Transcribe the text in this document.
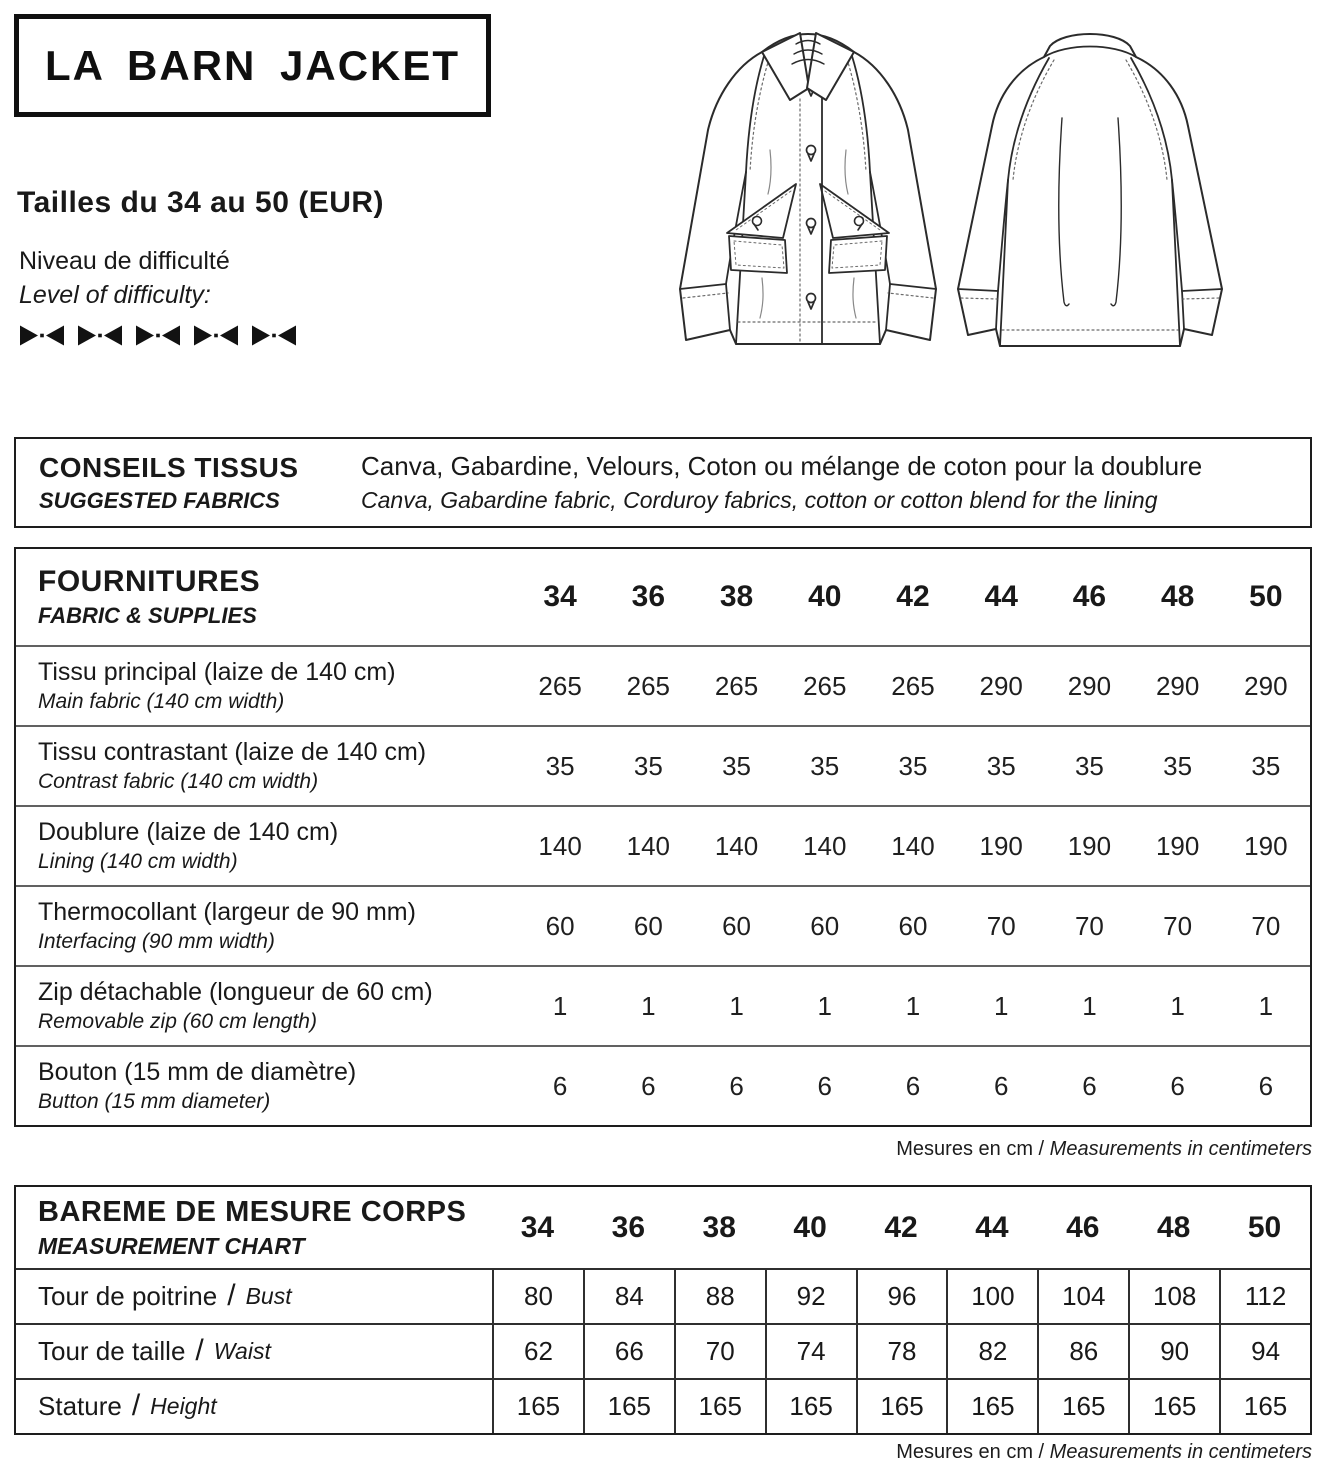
LA BARN JACKET
Tailles du 34 au 50 (EUR)
Niveau de difficulté
Level of difficulty:
CONSEILS TISSUS
SUGGESTED FABRICS
Canva, Gabardine, Velours, Coton ou mélange de coton pour la doublure
Canva, Gabardine fabric, Corduroy fabrics, cotton or cotton blend for the lining
FOURNITURES
FABRIC & SUPPLIES
34	36	38	40	42	44	46	48	50
Tissu principal (laize de 140 cm)
Main fabric (140 cm width)
265	265	265	265	265	290	290	290	290
Tissu contrastant (laize de 140 cm)
Contrast fabric (140 cm width)
35	35	35	35	35	35	35	35	35
Doublure (laize de 140 cm)
Lining (140 cm width)
140	140	140	140	140	190	190	190	190
Thermocollant (largeur de 90 mm)
Interfacing (90 mm width)
60	60	60	60	60	70	70	70	70
Zip détachable (longueur de 60 cm)
Removable zip (60 cm length)
1	1	1	1	1	1	1	1	1
Bouton (15 mm de diamètre)
Button (15 mm diameter)
6	6	6	6	6	6	6	6	6
Mesures en cm / Measurements in centimeters
BAREME DE MESURE CORPS
MEASUREMENT CHART
34	36	38	40	42	44	46	48	50
Tour de poitrine / Bust	80	84	88	92	96	100	104	108	112
Tour de taille / Waist	62	66	70	74	78	82	86	90	94
Stature / Height	165	165	165	165	165	165	165	165	165
Mesures en cm / Measurements in centimeters
